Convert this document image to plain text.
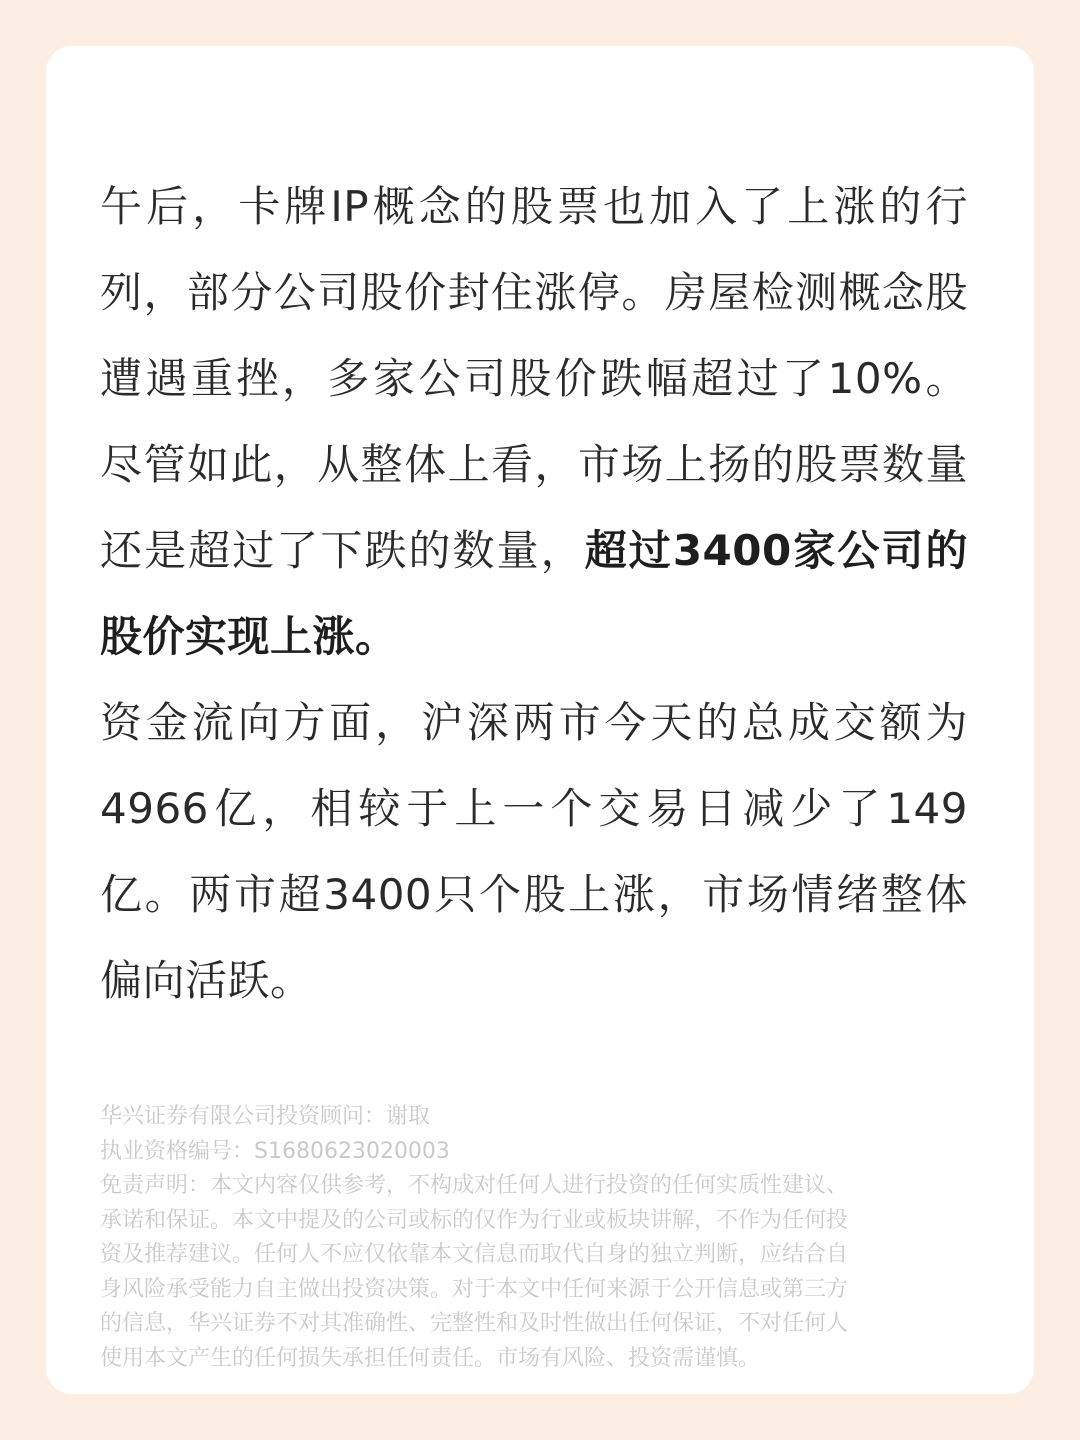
午后，卡牌IP概念的股票也加入了上涨的行
列，部分公司股价封住涨停。房屋检测概念股
遭遇重挫，多家公司股价跌幅超过了10%。
尽管如此，从整体上看，市场上扬的股票数量
还是超过了下跌的数量，超过3400家公司的
股价实现上涨。
资金流向方面，沪深两市今天的总成交额为
4966亿，相较于上一个交易日减少了149
亿。两市超3400只个股上涨，市场情绪整体
偏向活跃。
华兴证券有限公司投资顾问：谢取
执业资格编号：S1680623020003
免责声明：本文内容仅供参考，不构成对任何人进行投资的任何实质性建议、
承诺和保证。本文中提及的公司或标的仅作为行业或板块讲解，不作为任何投
资及推荐建议。任何人不应仅依靠本文信息而取代自身的独立判断，应结合自
身风险承受能力自主做出投资决策。对于本文中任何来源于公开信息或第三方
的信息，华兴证券不对其准确性、完整性和及时性做出任何保证，不对任何人
使用本文产生的任何损失承担任何责任。市场有风险、投资需谨慎。
